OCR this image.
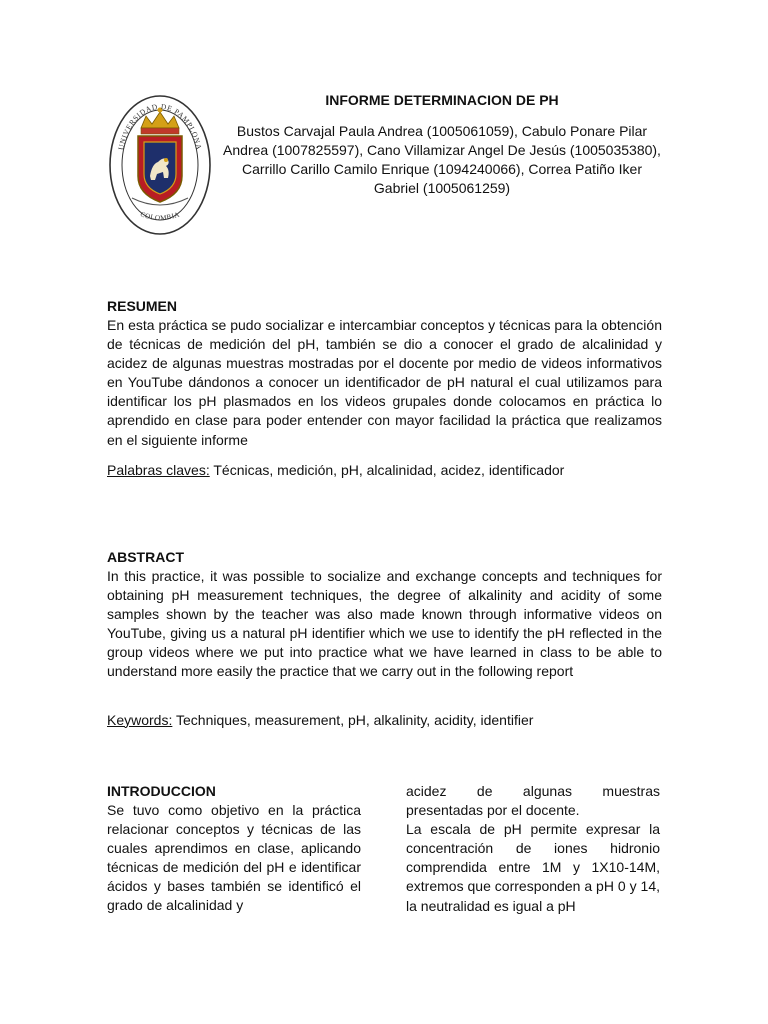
UNIVERSIDAD DE PAMPLONA
COLOMBIA
INFORME DETERMINACION DE PH
Bustos Carvajal Paula Andrea (1005061059), Cabulo Ponare Pilar Andrea (1007825597), Cano Villamizar Angel De Jesús (1005035380), Carrillo Carillo Camilo Enrique (1094240066), Correa Patiño Iker Gabriel (1005061259)
RESUMEN

En esta práctica se pudo socializar e intercambiar conceptos y técnicas para la obtención de técnicas de medición del pH, también se dio a conocer el grado de alcalinidad y acidez de algunas muestras mostradas por el docente por medio de videos informativos en YouTube dándonos a conocer un identificador de pH natural el cual utilizamos para identificar los pH plasmados en los videos grupales donde colocamos en práctica lo aprendido en clase para poder entender con mayor facilidad la práctica que realizamos en el siguiente informe

Palabras claves: Técnicas, medición, pH, alcalinidad, acidez, identificador
ABSTRACT

In this practice, it was possible to socialize and exchange concepts and techniques for obtaining pH measurement techniques, the degree of alkalinity and acidity of some samples shown by the teacher was also made known through informative videos on YouTube, giving us a natural pH identifier which we use to identify the pH reflected in the group videos where we put into practice what we have learned in class to be able to understand more easily the practice that we carry out in the following report

Keywords: Techniques, measurement, pH, alkalinity, acidity, identifier
INTRODUCCION

Se tuvo como objetivo en la práctica relacionar conceptos y técnicas de las cuales aprendimos en clase, aplicando técnicas de medición del pH e identificar ácidos y bases también se identificó el grado de alcalinidad y

acidez de algunas muestras presentadas por el docente.

La escala de pH permite expresar la concentración de iones hidronio comprendida entre 1M y 1X10-14M, extremos que corresponden a pH 0 y 14, la neutralidad es igual a pH
